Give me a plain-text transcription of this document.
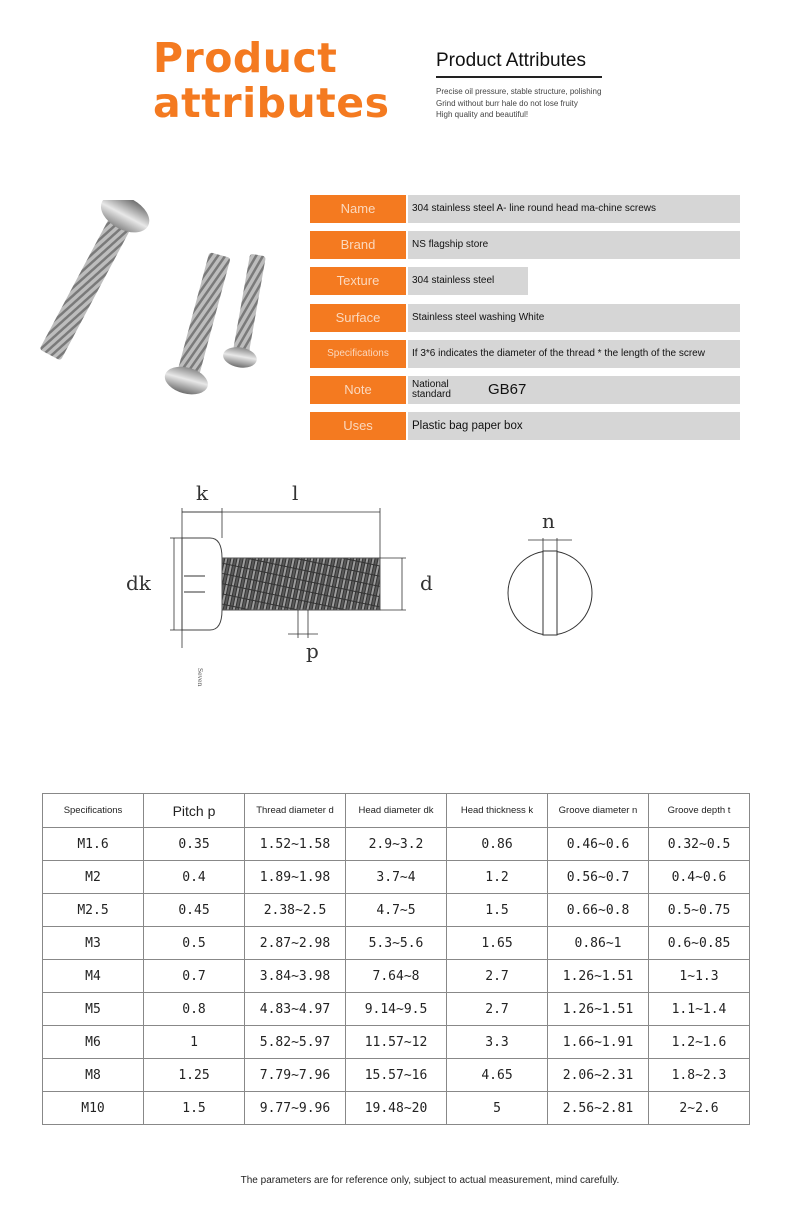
Product
attributes
Product Attributes
Precise oil pressure, stable structure, polishing
Grind without burr hale do not lose fruity
High quality and beautiful!
Name	304 stainless steel A- line round head ma-chine screws
Brand	NS flagship store
Texture	304 stainless steel
Surface	Stainless steel washing White
Specifications	If 3*6 indicates the diameter of the thread * the length of the screw
Note	National standard	GB67
Uses	Plastic bag paper box
k	l
dk	d
p
Seven
n
Specifications	Pitch p	Thread diameter d	Head diameter dk	Head thickness k	Groove diameter n	Groove depth t
M1.6	0.35	1.52~1.58	2.9~3.2	0.86	0.46~0.6	0.32~0.5
M2	0.4	1.89~1.98	3.7~4	1.2	0.56~0.7	0.4~0.6
M2.5	0.45	2.38~2.5	4.7~5	1.5	0.66~0.8	0.5~0.75
M3	0.5	2.87~2.98	5.3~5.6	1.65	0.86~1	0.6~0.85
M4	0.7	3.84~3.98	7.64~8	2.7	1.26~1.51	1~1.3
M5	0.8	4.83~4.97	9.14~9.5	2.7	1.26~1.51	1.1~1.4
M6	1	5.82~5.97	11.57~12	3.3	1.66~1.91	1.2~1.6
M8	1.25	7.79~7.96	15.57~16	4.65	2.06~2.31	1.8~2.3
M10	1.5	9.77~9.96	19.48~20	5	2.56~2.81	2~2.6
The parameters are for reference only, subject to actual measurement, mind carefully.
